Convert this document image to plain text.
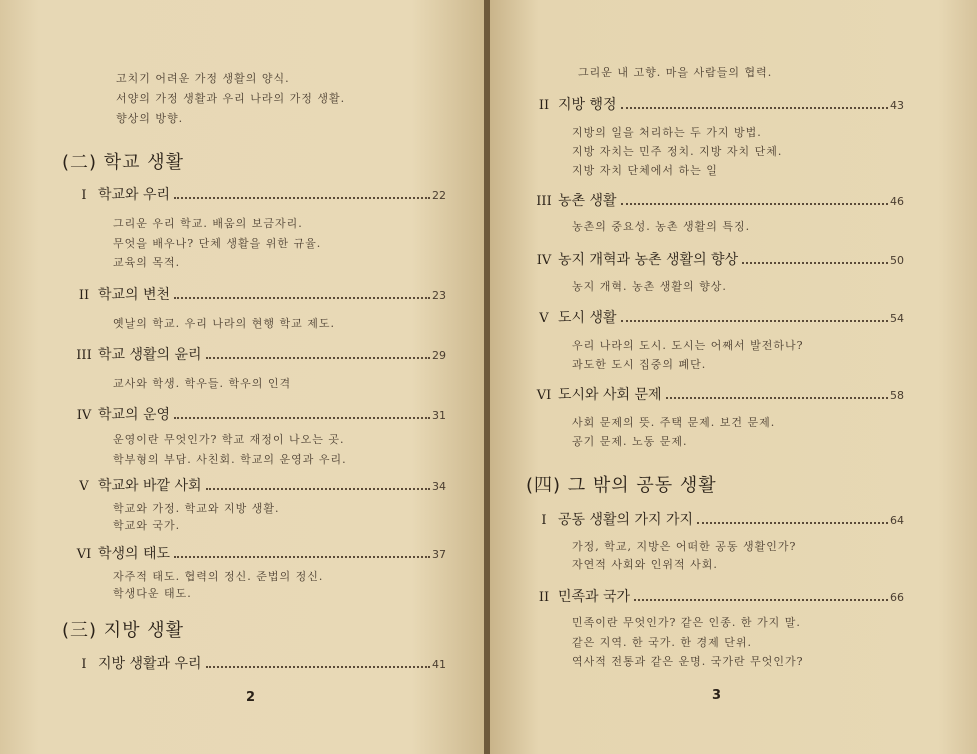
고치기 어려운 가정 생활의 양식.
서양의 가정 생활과 우리 나라의 가정 생활.
향상의 방향.
(二) 학교 생활
I 학교와 우리	22
그리운 우리 학교. 배움의 보금자리.
무엇을 배우나? 단체 생활을 위한 규율.
교육의 목적.
II 학교의 변천	23
옛날의 학교. 우리 나라의 현행 학교 제도.
III 학교 생활의 윤리	29
교사와 학생. 학우들. 학우의 인격
IV 학교의 운영	31
운영이란 무엇인가? 학교 재정이 나오는 곳.
학부형의 부담. 사친회. 학교의 운영과 우리.
V 학교와 바깥 사회	34
학교와 가정. 학교와 지방 생활.
학교와 국가.
VI 학생의 태도	37
자주적 태도. 협력의 정신. 준법의 정신.
학생다운 태도.
(三) 지방 생활
I 지방 생활과 우리	41
2
그리운 내 고향. 마을 사람들의 협력.
II 지방 행정	43
지방의 일을 처리하는 두 가지 방법.
지방 자치는 민주 정치. 지방 자치 단체.
지방 자치 단체에서 하는 일
III 농촌 생활	46
농촌의 중요성. 농촌 생활의 특징.
IV 농지 개혁과 농촌 생활의 향상	50
농지 개혁. 농촌 생활의 향상.
V 도시 생활	54
우리 나라의 도시. 도시는 어째서 발전하나?
과도한 도시 집중의 폐단.
VI 도시와 사회 문제	58
사회 문제의 뜻. 주택 문제. 보건 문제.
공기 문제. 노동 문제.
(四) 그 밖의 공동 생활
I 공동 생활의 가지 가지	64
가정, 학교, 지방은 어떠한 공동 생활인가?
자연적 사회와 인위적 사회.
II 민족과 국가	66
민족이란 무엇인가? 같은 인종. 한 가지 말.
같은 지역. 한 국가. 한 경제 단위.
역사적 전통과 같은 운명. 국가란 무엇인가?
3
